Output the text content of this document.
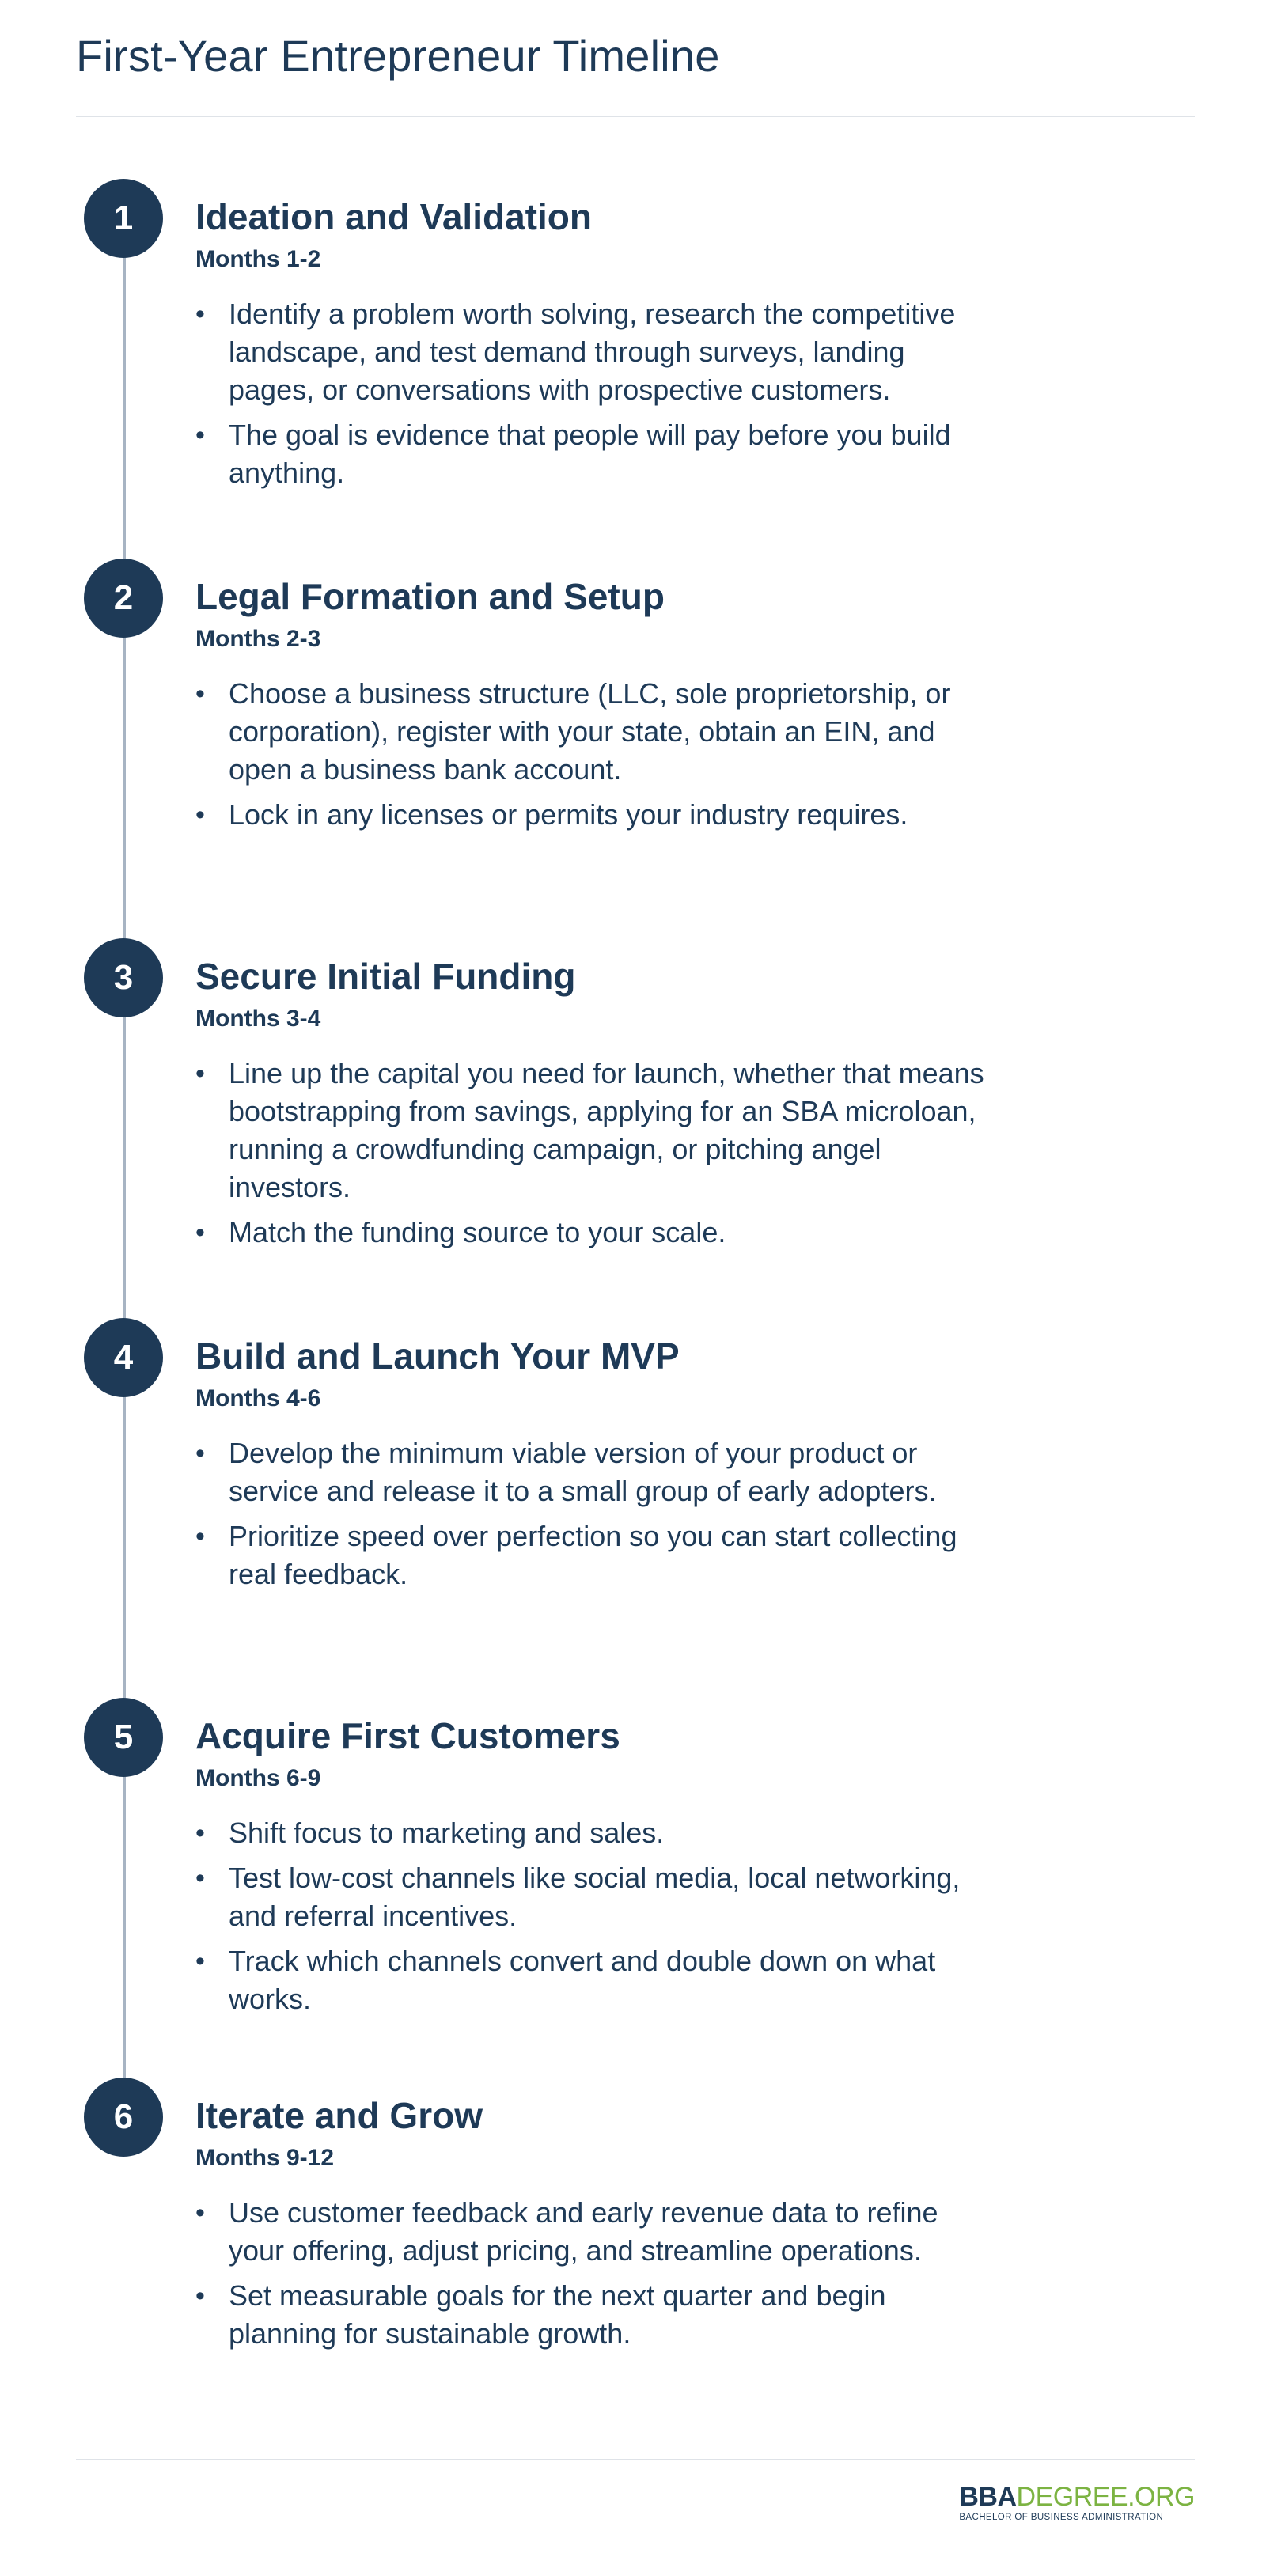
First-Year Entrepreneur Timeline
1	Ideation and Validation
Months 1-2
• Identify a problem worth solving, research the competitive landscape, and test demand through surveys, landing pages, or conversations with prospective customers.
• The goal is evidence that people will pay before you build anything.
2	Legal Formation and Setup
Months 2-3
• Choose a business structure (LLC, sole proprietorship, or corporation), register with your state, obtain an EIN, and open a business bank account.
• Lock in any licenses or permits your industry requires.
3	Secure Initial Funding
Months 3-4
• Line up the capital you need for launch, whether that means bootstrapping from savings, applying for an SBA microloan, running a crowdfunding campaign, or pitching angel investors.
• Match the funding source to your scale.
4	Build and Launch Your MVP
Months 4-6
• Develop the minimum viable version of your product or service and release it to a small group of early adopters.
• Prioritize speed over perfection so you can start collecting real feedback.
5	Acquire First Customers
Months 6-9
• Shift focus to marketing and sales.
• Test low-cost channels like social media, local networking, and referral incentives.
• Track which channels convert and double down on what works.
6	Iterate and Grow
Months 9-12
• Use customer feedback and early revenue data to refine your offering, adjust pricing, and streamline operations.
• Set measurable goals for the next quarter and begin planning for sustainable growth.
BBADEGREE.ORG
BACHELOR OF BUSINESS ADMINISTRATION
